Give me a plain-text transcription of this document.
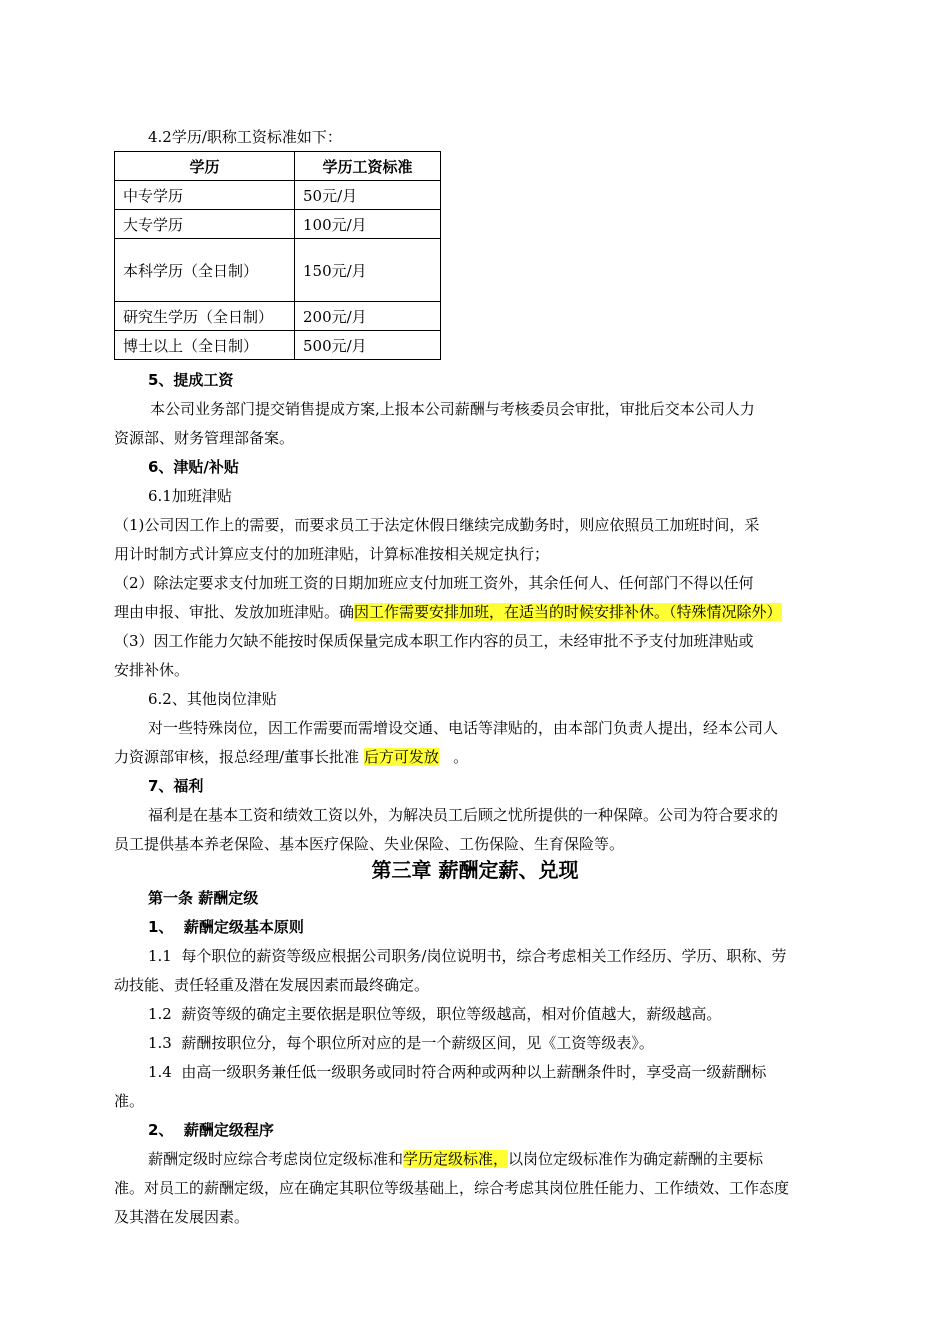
4.2学历/职称工资标准如下：
学历	学历工资标准
中专学历	50元/月
大专学历	100元/月
本科学历（全日制）	150元/月
研究生学历（全日制）	200元/月
博士以上（全日制）	500元/月
5、提成工资
本公司业务部门提交销售提成方案,上报本公司薪酬与考核委员会审批，审批后交本公司人力
资源部、财务管理部备案。
6、津贴/补贴
6.1加班津贴
（1)公司因工作上的需要，而要求员工于法定休假日继续完成勤务时，则应依照员工加班时间，采
用计时制方式计算应支付的加班津贴，计算标准按相关规定执行；
（2）除法定要求支付加班工资的日期加班应支付加班工资外，其余任何人、任何部门不得以任何
理由申报、审批、发放加班津贴。确因工作需要安排加班，在适当的时候安排补休。（特殊情况除外）
（3）因工作能力欠缺不能按时保质保量完成本职工作内容的员工，未经审批不予支付加班津贴或
安排补休。
6.2、其他岗位津贴
对一些特殊岗位，因工作需要而需增设交通、电话等津贴的，由本部门负责人提出，经本公司人
力资源部审核，报总经理/董事长批准 后方可发放   。
7、福利
福利是在基本工资和绩效工资以外，为解决员工后顾之忧所提供的一种保障。公司为符合要求的
员工提供基本养老保险、基本医疗保险、失业保险、工伤保险、生育保险等。
第三章 薪酬定薪、兑现
第一条 薪酬定级
1、  薪酬定级基本原则
1.1  每个职位的薪资等级应根据公司职务/岗位说明书，综合考虑相关工作经历、学历、职称、劳
动技能、责任轻重及潜在发展因素而最终确定。
1.2  薪资等级的确定主要依据是职位等级，职位等级越高，相对价值越大，薪级越高。
1.3  薪酬按职位分，每个职位所对应的是一个薪级区间，见《工资等级表》。
1.4  由高一级职务兼任低一级职务或同时符合两种或两种以上薪酬条件时，享受高一级薪酬标
准。
2、  薪酬定级程序
薪酬定级时应综合考虑岗位定级标准和学历定级标准，以岗位定级标准作为确定薪酬的主要标
准。对员工的薪酬定级，应在确定其职位等级基础上，综合考虑其岗位胜任能力、工作绩效、工作态度
及其潜在发展因素。
